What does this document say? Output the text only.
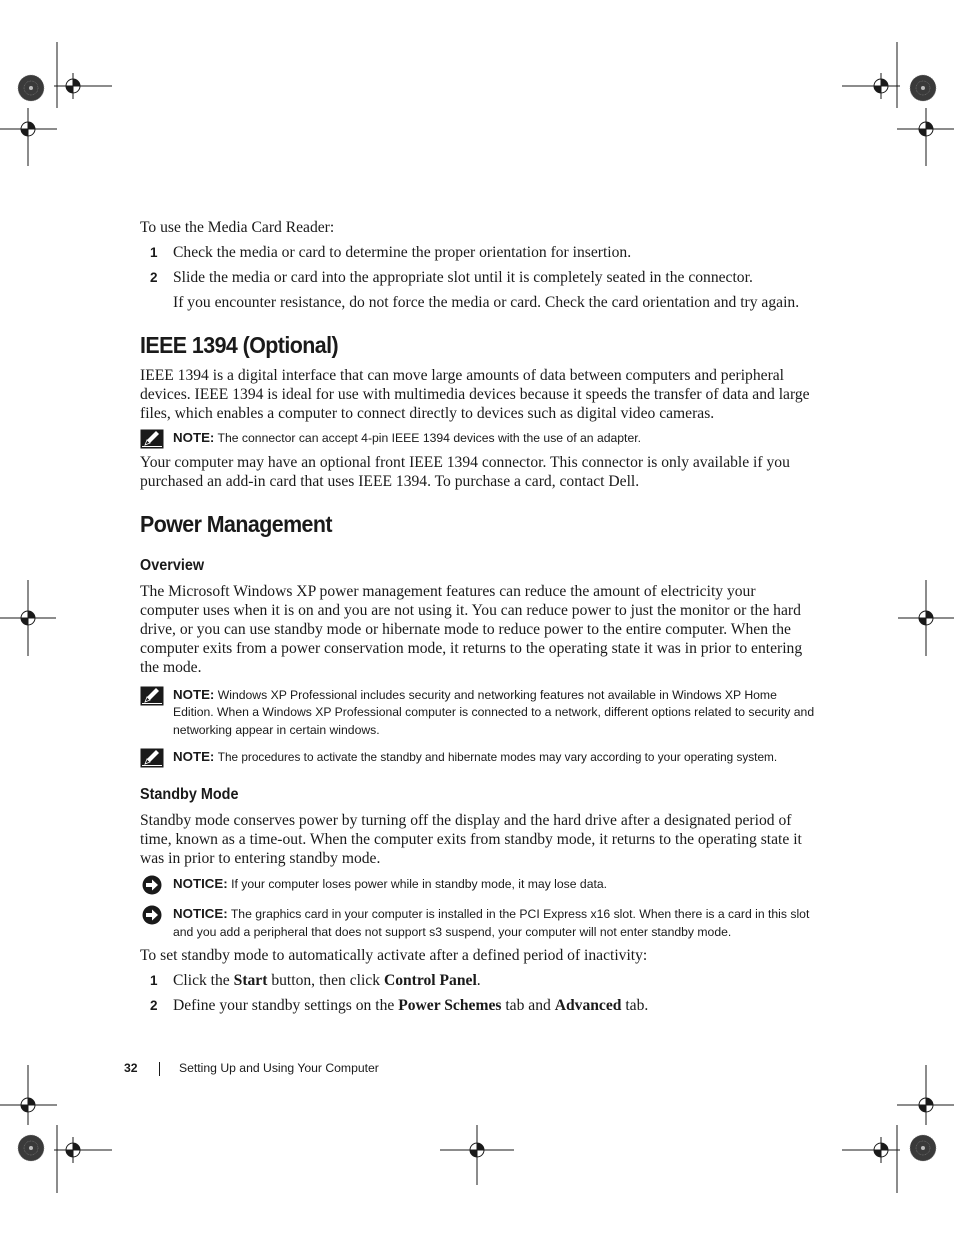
To use the Media Card Reader:

1 Check the media or card to determine the proper orientation for insertion.
2 Slide the media or card into the appropriate slot until it is completely seated in the connector.
If you encounter resistance, do not force the media or card. Check the card orientation and try again.
IEEE 1394 (Optional)

IEEE 1394 is a digital interface that can move large amounts of data between computers and peripheral devices. IEEE 1394 is ideal for use with multimedia devices because it speeds the transfer of data and large files, which enables a computer to connect directly to devices such as digital video cameras.

NOTE: The connector can accept 4-pin IEEE 1394 devices with the use of an adapter.

Your computer may have an optional front IEEE 1394 connector. This connector is only available if you purchased an add-in card that uses IEEE 1394. To purchase a card, contact Dell.

Power Management
Overview

The Microsoft Windows XP power management features can reduce the amount of electricity your computer uses when it is on and you are not using it. You can reduce power to just the monitor or the hard drive, or you can use standby mode or hibernate mode to reduce power to the entire computer. When the computer exits from a power conservation mode, it returns to the operating state it was in prior to entering the mode.

NOTE: Windows XP Professional includes security and networking features not available in Windows XP Home Edition. When a Windows XP Professional computer is connected to a network, different options related to security and networking appear in certain windows.
NOTE: The procedures to activate the standby and hibernate modes may vary according to your operating system.
Standby Mode

Standby mode conserves power by turning off the display and the hard drive after a designated period of time, known as a time-out. When the computer exits from standby mode, it returns to the operating state it was in prior to entering standby mode.

NOTICE: If your computer loses power while in standby mode, it may lose data.
NOTICE: The graphics card in your computer is installed in the PCI Express x16 slot. When there is a card in this slot and you add a peripheral that does not support s3 suspend, your computer will not enter standby mode.

To set standby mode to automatically activate after a defined period of inactivity:

1 Click the Start button, then click Control Panel.
2 Define your standby settings on the Power Schemes tab and Advanced tab.
32	Setting Up and Using Your Computer
